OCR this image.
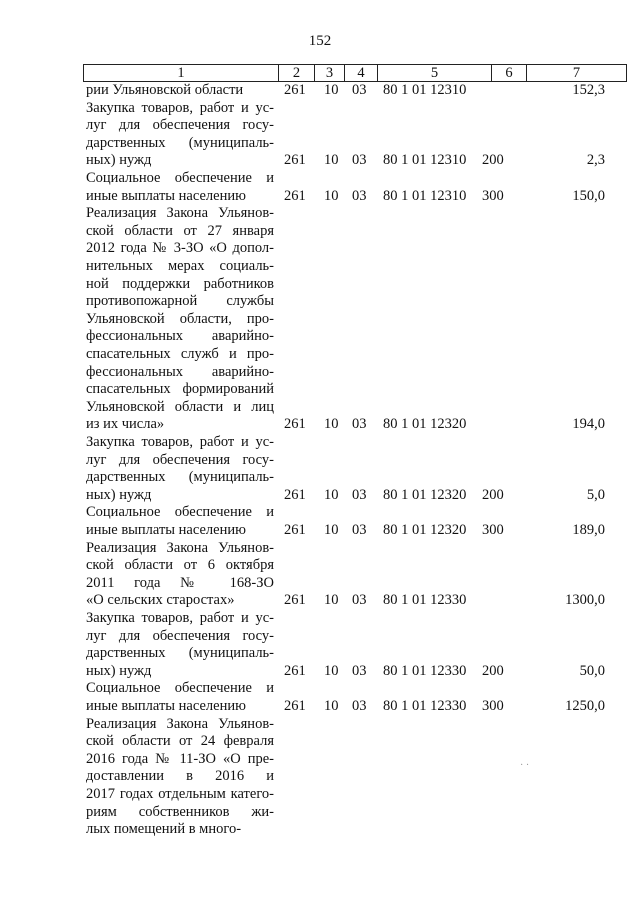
152
1	2	3	4	5	6	7
рии Ульяновской области	261 10 03 80 1 01 12310	152,3
Закупка товаров, работ и ус-
луг для обеспечения госу-
дарственных (муниципаль-
ных) нужд	261 10 03 80 1 01 12310 200	2,3
Социальное обеспечение и
иные выплаты населению	261 10 03 80 1 01 12310 300	150,0
Реализация Закона Ульянов-
ской области от 27 января
2012 года № 3-ЗО «О допол-
нительных мерах социаль-
ной поддержки работников
противопожарной службы
Ульяновской области, про-
фессиональных аварийно-
спасательных служб и про-
фессиональных аварийно-
спасательных формирований
Ульяновской области и лиц
из их числа»	261 10 03 80 1 01 12320	194,0
Закупка товаров, работ и ус-
луг для обеспечения госу-
дарственных (муниципаль-
ных) нужд	261 10 03 80 1 01 12320 200	5,0
Социальное обеспечение и
иные выплаты населению	261 10 03 80 1 01 12320 300	189,0
Реализация Закона Ульянов-
ской области от 6 октября
2011 года № 168-ЗО
«О сельских старостах»	261 10 03 80 1 01 12330	1300,0
Закупка товаров, работ и ус-
луг для обеспечения госу-
дарственных (муниципаль-
ных) нужд	261 10 03 80 1 01 12330 200	50,0
Социальное обеспечение и
иные выплаты населению	261 10 03 80 1 01 12330 300	1250,0
Реализация Закона Ульянов-
ской области от 24 февраля
2016 года № 11-ЗО «О пре-
доставлении в 2016 и
2017 годах отдельным катего-
риям собственников жи-
лых помещений в много-
· ·
